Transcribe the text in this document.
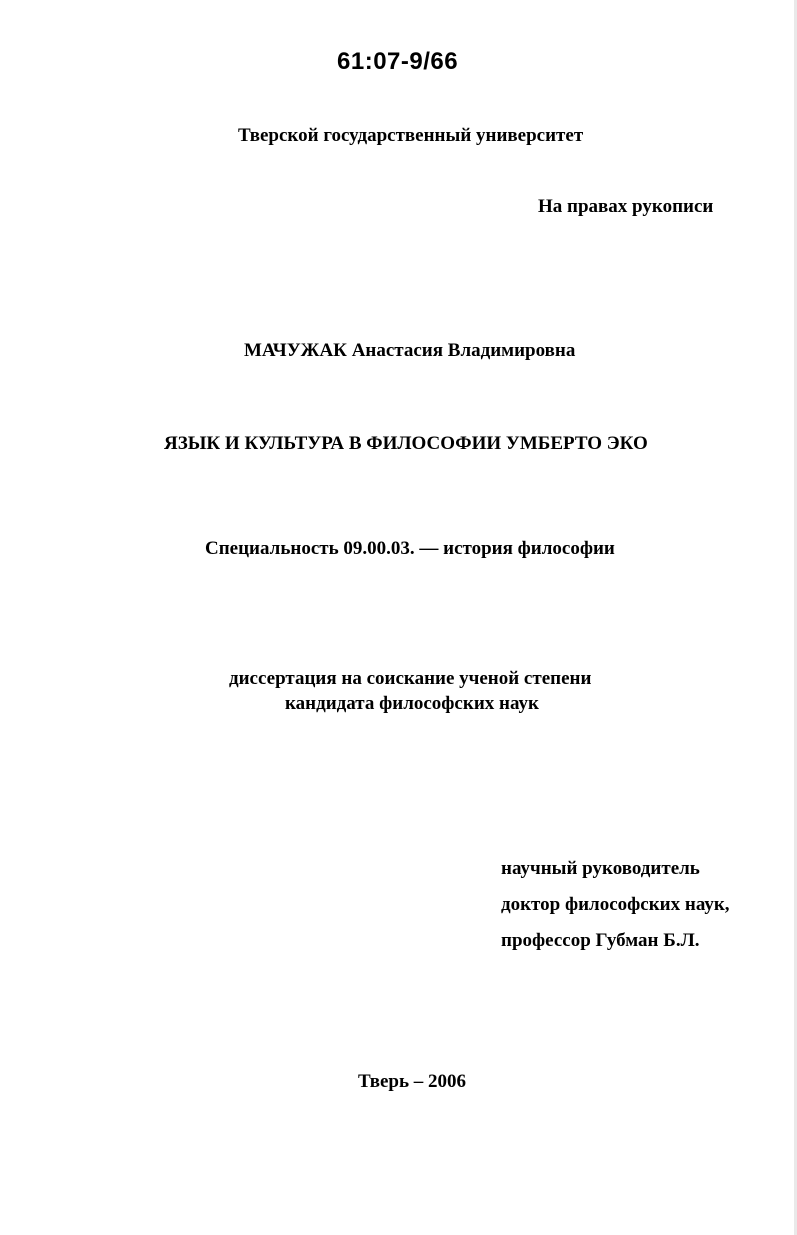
61:07-9/66
Тверской государственный университет
На правах рукописи
МАЧУЖАК Анастасия Владимировна
ЯЗЫК И КУЛЬТУРА В ФИЛОСОФИИ УМБЕРТО ЭКО
Специальность 09.00.03. — история философии
диссертация на соискание ученой степени
кандидата философских наук
научный руководитель
доктор философских наук,
профессор Губман Б.Л.
Тверь – 2006
